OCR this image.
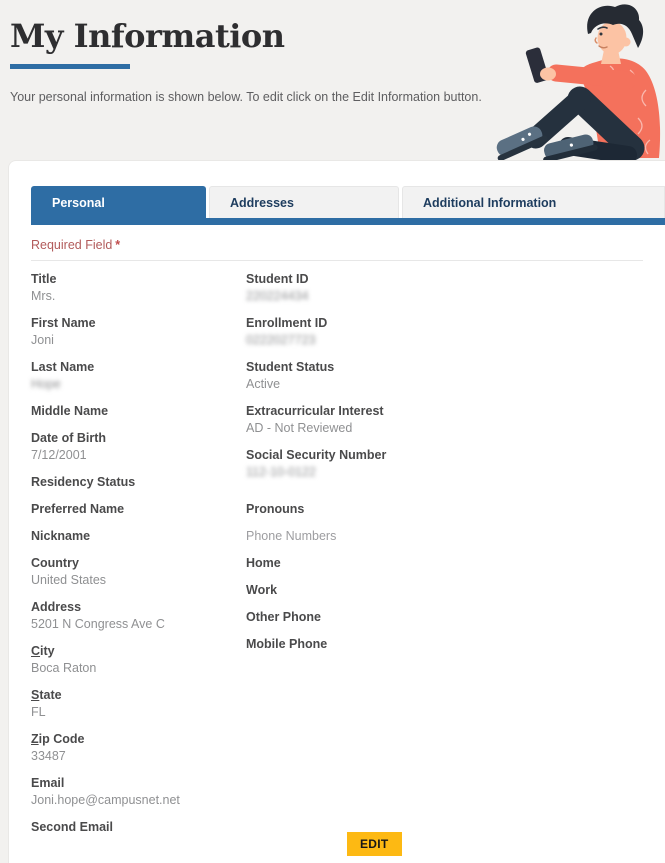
My Information

Your personal information is shown below. To edit click on the Edit Information button.

Personal	Addresses	Additional Information
Required Field *
Title
Mrs.
First Name
Joni
Last Name
Hope
Middle Name
Date of Birth
7/12/2001
Residency Status
Preferred Name
Nickname
Country
United States
Address
5201 N Congress Ave C
City
Boca Raton
State
FL
Zip Code
33487
Email
Joni.hope@campusnet.net
Second Email
Student ID
220224434
Enrollment ID
0222027723
Student Status
Active
Extracurricular Interest
AD - Not Reviewed
Social Security Number
112-10-0122
Pronouns
Phone Numbers
Home
Work
Other Phone
Mobile Phone
EDIT
